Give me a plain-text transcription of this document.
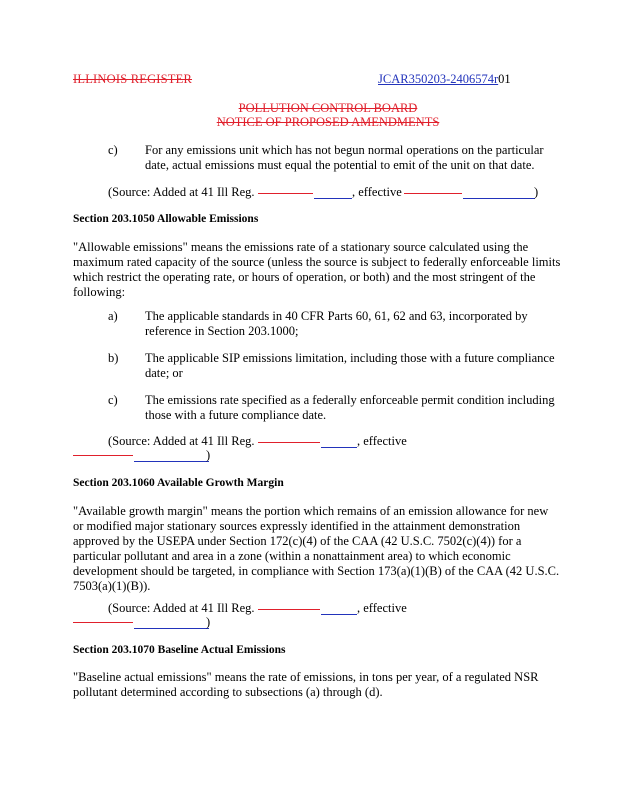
ILLINOIS REGISTER	JCAR350203-2406574r01
POLLUTION CONTROL BOARD
NOTICE OF PROPOSED AMENDMENTS
c) For any emissions unit which has not begun normal operations on the particular
date, actual emissions must equal the potential to emit of the unit on that date.
(Source: Added at 41 Ill Reg.	, effective	)
Section 203.1050 Allowable Emissions
"Allowable emissions" means the emissions rate of a stationary source calculated using the
maximum rated capacity of the source (unless the source is subject to federally enforceable limits
which restrict the operating rate, or hours of operation, or both) and the most stringent of the
following:
a) The applicable standards in 40 CFR Parts 60, 61, 62 and 63, incorporated by
reference in Section 203.1000;
b) The applicable SIP emissions limitation, including those with a future compliance
date; or
c) The emissions rate specified as a federally enforceable permit condition including
those with a future compliance date.
(Source: Added at 41 Ill Reg.	, effective
)
Section 203.1060 Available Growth Margin
"Available growth margin" means the portion which remains of an emission allowance for new
or modified major stationary sources expressly identified in the attainment demonstration
approved by the USEPA under Section 172(c)(4) of the CAA (42 U.S.C. 7502(c)(4)) for a
particular pollutant and area in a zone (within a nonattainment area) to which economic
development should be targeted, in compliance with Section 173(a)(1)(B) of the CAA (42 U.S.C.
7503(a)(1)(B)).
(Source: Added at 41 Ill Reg.	, effective
)
Section 203.1070 Baseline Actual Emissions
"Baseline actual emissions" means the rate of emissions, in tons per year, of a regulated NSR
pollutant determined according to subsections (a) through (d).
